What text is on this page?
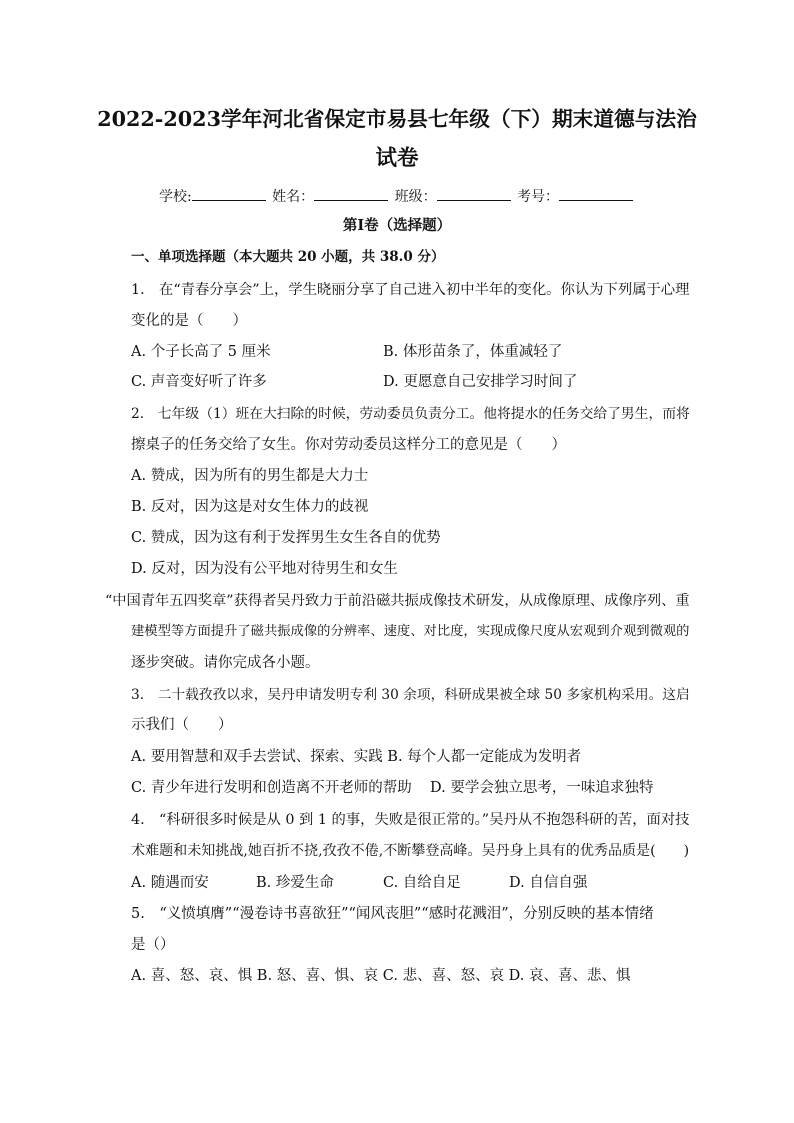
2022-2023学年河北省保定市易县七年级（下）期末道德与法治
试卷
学校:	姓名：	班级：	考号：
第Ⅰ卷（选择题）
一、单项选择题（本大题共 20 小题，共 38.0 分）
1.　在“青春分享会”上，学生晓丽分享了自己进入初中半年的变化。你认为下列属于心理
变化的是（　　）
A. 个子长高了 5 厘米	B. 体形苗条了，体重减轻了
C. 声音变好听了许多	D. 更愿意自己安排学习时间了
2.　七年级（1）班在大扫除的时候，劳动委员负责分工。他将提水的任务交给了男生，而将
擦桌子的任务交给了女生。你对劳动委员这样分工的意见是（　　）
A. 赞成，因为所有的男生都是大力士
B. 反对，因为这是对女生体力的歧视
C. 赞成，因为这有利于发挥男生女生各自的优势
D. 反对，因为没有公平地对待男生和女生
“中国青年五四奖章”获得者吴丹致力于前沿磁共振成像技术研发，从成像原理、成像序列、重
建模型等方面提升了磁共振成像的分辨率、速度、对比度，实现成像尺度从宏观到介观到微观的
逐步突破。请你完成各小题。
3.　二十载孜孜以求，吴丹申请发明专利 30 余项，科研成果被全球 50 多家机构采用。这启
示我们（　　）
A. 要用智慧和双手去尝试、探索、实践 B. 每个人都一定能成为发明者
C. 青少年进行发明和创造离不开老师的帮助 D. 要学会独立思考，一味追求独特
4.　“科研很多时候是从 0 到 1 的事，失败是很正常的。”吴丹从不抱怨科研的苦，面对技
术难题和未知挑战,她百折不挠,孜孜不倦,不断攀登高峰。吴丹身上具有的优秀品质是(　　)
A. 随遇而安	B. 珍爱生命	C. 自给自足	D. 自信自强
5.　“义愤填膺”“漫卷诗书喜欲狂”“闻风丧胆”“感时花溅泪”，分别反映的基本情绪
是（）
A. 喜、怒、哀、惧 B. 怒、喜、惧、哀 C. 悲、喜、怒、哀 D. 哀、喜、悲、惧
